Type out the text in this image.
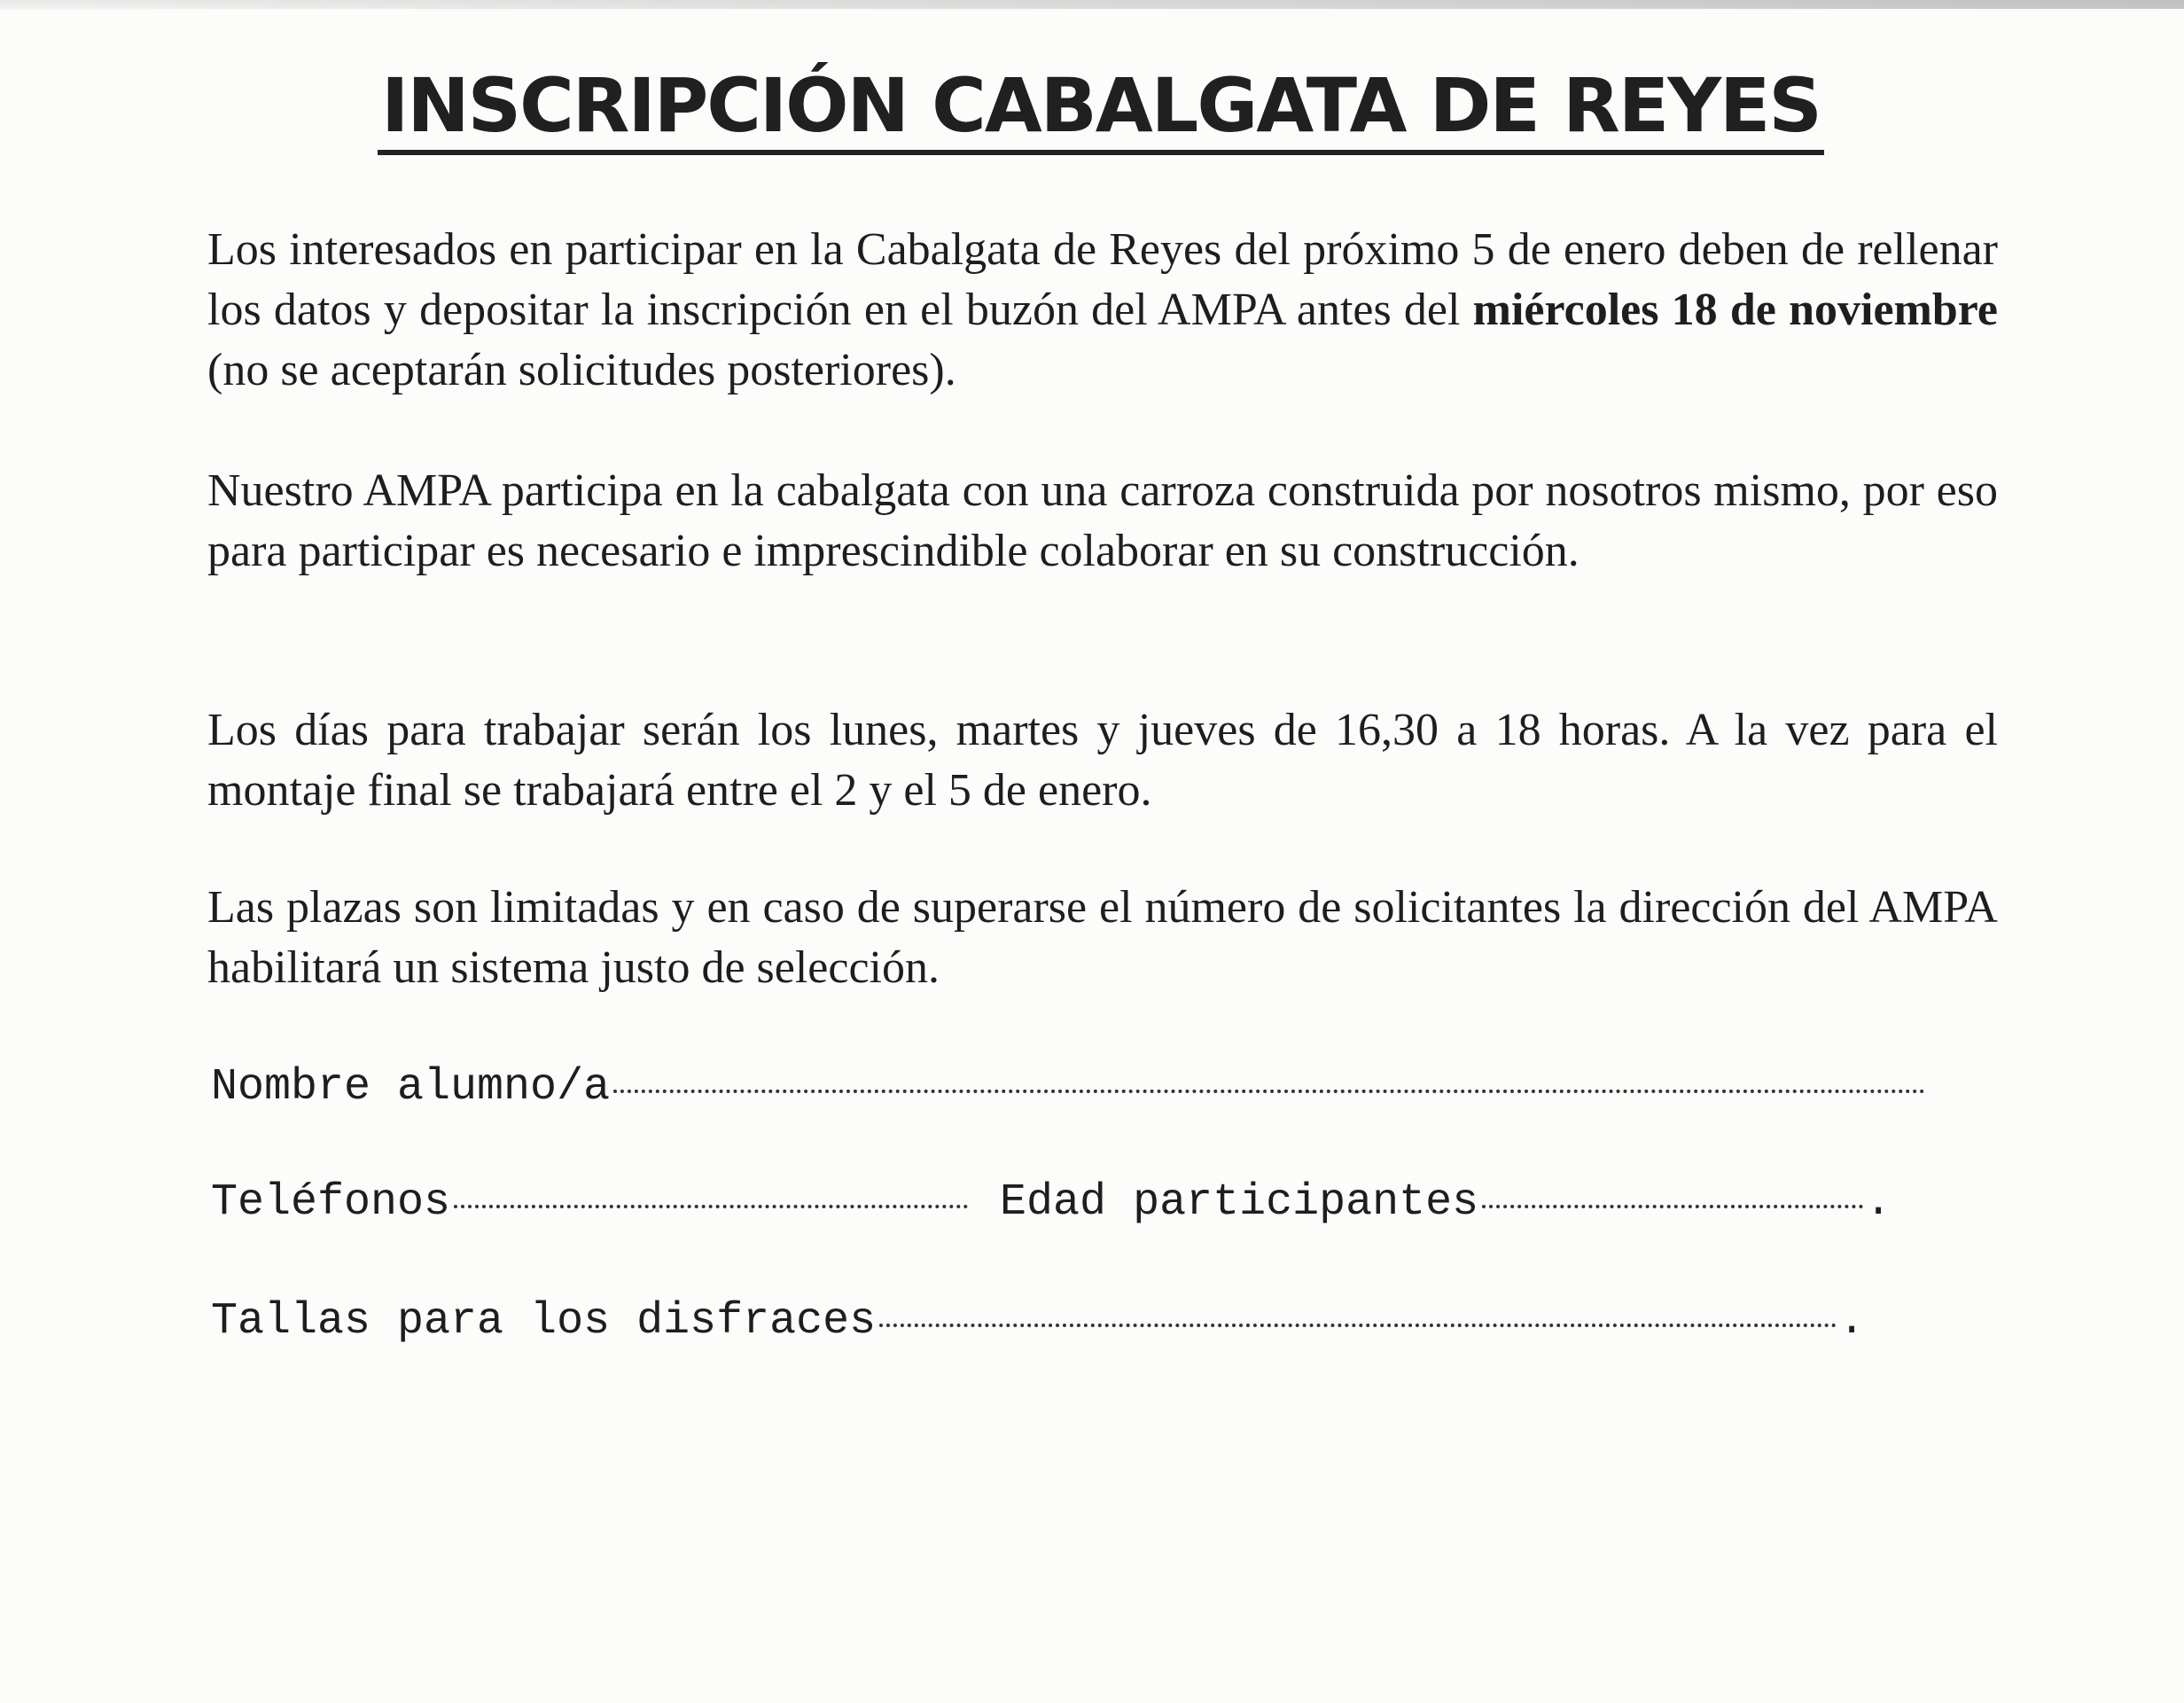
INSCRIPCIÓN CABALGATA DE REYES

Los interesados en participar en la Cabalgata de Reyes del próximo 5 de enero deben de rellenar los datos y depositar la inscripción en el buzón del AMPA antes del miércoles 18 de noviembre (no se aceptarán solicitudes posteriores).

Nuestro AMPA participa en la cabalgata con una carroza construida por nosotros mismo, por eso para participar es necesario e imprescindible colaborar en su construcción.

Los días para trabajar serán los lunes, martes y jueves de 16,30 a 18 horas. A la vez para el montaje final se trabajará entre el 2 y el 5 de enero.

Las plazas son limitadas y en caso de superarse el número de solicitantes la dirección del AMPA habilitará un sistema justo de selección.

Nombre alumno/a
Teléfonos	Edad participantes	.
Tallas para los disfraces	.
